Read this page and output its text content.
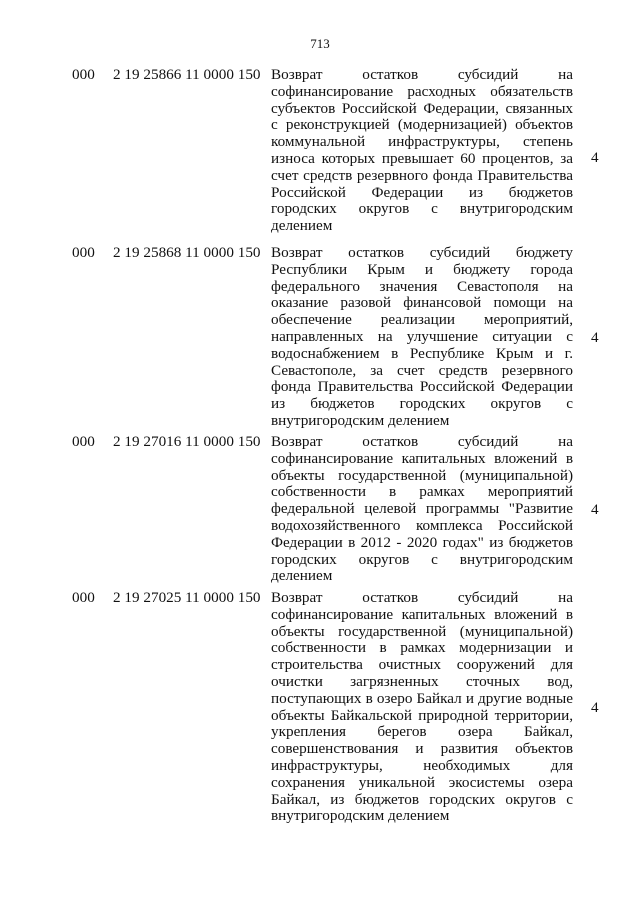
713
000 2 19 25866 11 0000 150 Возврат остатков субсидий на софинансирование расходных обязательств субъектов Российской Федерации, связанных с реконструкцией (модернизацией) объектов коммунальной инфраструктуры, степень износа которых превышает 60 процентов, за счет средств резервного фонда Правительства Российской Федерации из бюджетов городских округов с внутригородским делением
4
000 2 19 25868 11 0000 150 Возврат остатков субсидий бюджету Республики Крым и бюджету города федерального значения Севастополя на оказание разовой финансовой помощи на обеспечение реализации мероприятий, направленных на улучшение ситуации с водоснабжением в Республике Крым и г. Севастополе, за счет средств резервного фонда Правительства Российской Федерации из бюджетов городских округов с внутригородским делением
4
000 2 19 27016 11 0000 150 Возврат остатков субсидий на софинансирование капитальных вложений в объекты государственной (муниципальной) собственности в рамках мероприятий федеральной целевой программы "Развитие водохозяйственного комплекса Российской Федерации в 2012 - 2020 годах" из бюджетов городских округов с внутригородским делением
4
000 2 19 27025 11 0000 150 Возврат остатков субсидий на софинансирование капитальных вложений в объекты государственной (муниципальной) собственности в рамках модернизации и строительства очистных сооружений для очистки загрязненных сточных вод, поступающих в озеро Байкал и другие водные объекты Байкальской природной территории, укрепления берегов озера Байкал, совершенствования и развития объектов инфраструктуры, необходимых для сохранения уникальной экосистемы озера Байкал, из бюджетов городских округов с внутригородским делением
4
